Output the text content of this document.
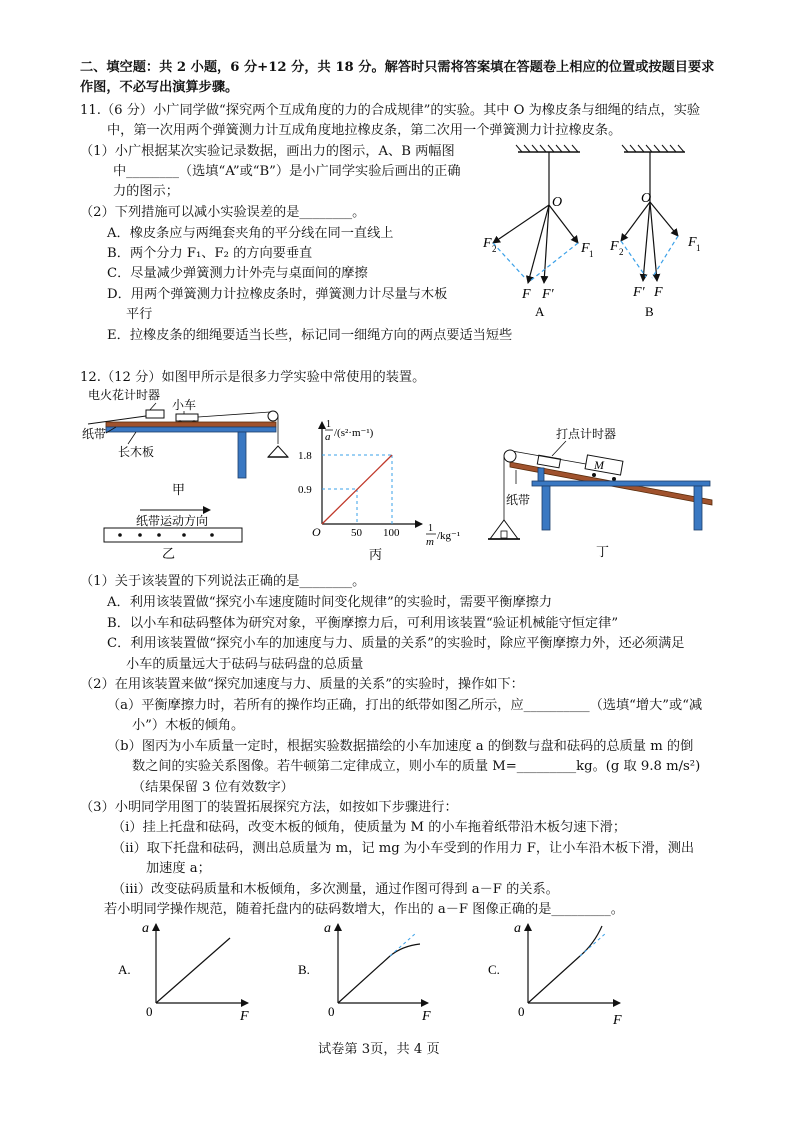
二、填空题：共 2 小题，6 分+12 分，共 18 分。解答时只需将答案填在答题卷上相应的位置或按题目要求
作图，不必写出演算步骤。
11.（6 分）小广同学做“探究两个互成角度的力的合成规律”的实验。其中 O 为橡皮条与细绳的结点，实验
中，第一次用两个弹簧测力计互成角度地拉橡皮条，第二次用一个弹簧测力计拉橡皮条。
（1）小广根据某次实验记录数据，画出力的图示，A、B 两幅图
中________（选填“A”或“B”）是小广同学实验后画出的正确
力的图示；
（2）下列措施可以减小实验误差的是________。
A．橡皮条应与两绳套夹角的平分线在同一直线上
B．两个分力 F₁、F₂ 的方向要垂直
C．尽量减少弹簧测力计外壳与桌面间的摩擦
D．用两个弹簧测力计拉橡皮条时，弹簧测力计尽量与木板
平行
E．拉橡皮条的细绳要适当长些，标记同一细绳方向的两点要适当短些
O
F 2	F 1
F F′
A
O
F 2
F 1
F′ F
B
12.（12 分）如图甲所示是很多力学实验中常使用的装置。
电火花计时器
小车
纸带
长木板
甲
纸带运动方向
乙
1
a /(s²·m⁻¹)
1.8
0.9
O	50 100	1
m /kg⁻¹
丙
打点计时器
M
纸带
丁
（1）关于该装置的下列说法正确的是________。
A．利用该装置做“探究小车速度随时间变化规律”的实验时，需要平衡摩擦力
B．以小车和砝码整体为研究对象，平衡摩擦力后，可利用该装置“验证机械能守恒定律”
C．利用该装置做“探究小车的加速度与力、质量的关系”的实验时，除应平衡摩擦力外，还必须满足
小车的质量远大于砝码与砝码盘的总质量
（2）在用该装置来做“探究加速度与力、质量的关系”的实验时，操作如下：
（a）平衡摩擦力时，若所有的操作均正确，打出的纸带如图乙所示，应__________（选填“增大”或“减
小”）木板的倾角。
（b）图丙为小车质量一定时，根据实验数据描绘的小车加速度 a 的倒数与盘和砝码的总质量 m 的倒
数之间的实验关系图像。若牛顿第二定律成立，则小车的质量 M=_________kg。(g 取 9.8 m/s²)
（结果保留 3 位有效数字）
（3）小明同学用图丁的装置拓展探究方法，如按如下步骤进行：
（i）挂上托盘和砝码，改变木板的倾角，使质量为 M 的小车拖着纸带沿木板匀速下滑；
（ii）取下托盘和砝码，测出总质量为 m，记 mg 为小车受到的作用力 F，让小车沿木板下滑，测出
加速度 a；
（iii）改变砝码质量和木板倾角，多次测量，通过作图可得到 a－F 的关系。
若小明同学操作规范，随着托盘内的砝码数增大，作出的 a－F 图像正确的是_________。
A.
a
0	F
B.
a
0	F
C.
a
0
F
试卷第 3页，共 4 页
